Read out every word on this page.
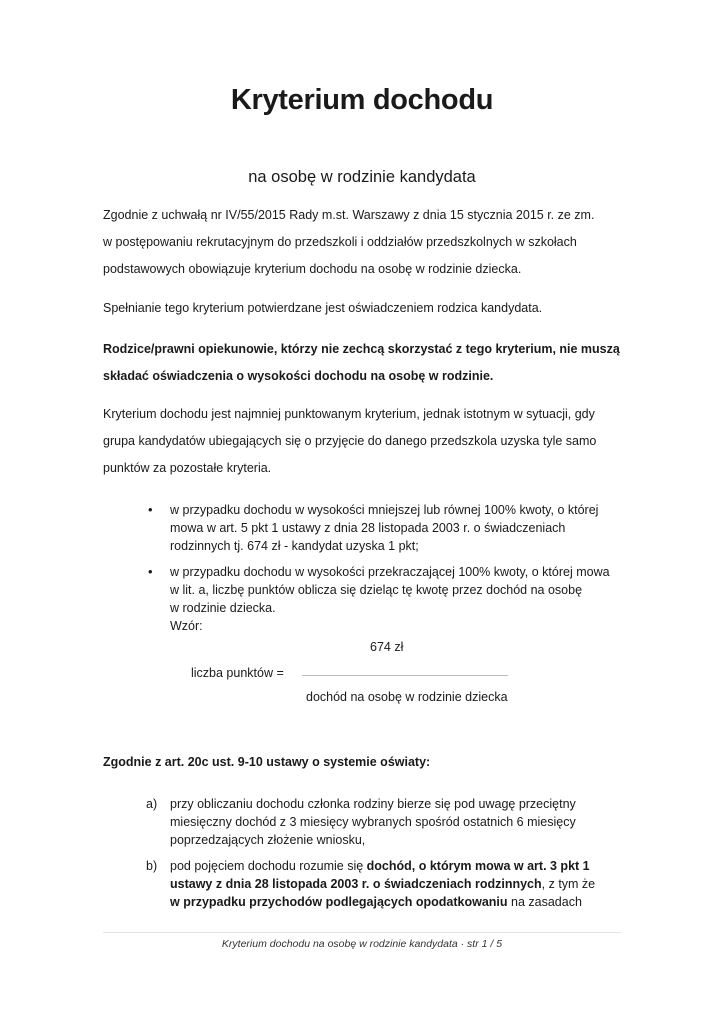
Kryterium dochodu
na osobę w rodzinie kandydata

Zgodnie z uchwałą nr IV/55/2015 Rady m.st. Warszawy z dnia 15 stycznia 2015 r. ze zm.
w postępowaniu rekrutacyjnym do przedszkoli i oddziałów przedszkolnych w szkołach
podstawowych obowiązuje kryterium dochodu na osobę w rodzinie dziecka.

Spełnianie tego kryterium potwierdzane jest oświadczeniem rodzica kandydata.

Rodzice/prawni opiekunowie, którzy nie zechcą skorzystać z tego kryterium, nie muszą
składać oświadczenia o wysokości dochodu na osobę w rodzinie.

Kryterium dochodu jest najmniej punktowanym kryterium, jednak istotnym w sytuacji, gdy
grupa kandydatów ubiegających się o przyjęcie do danego przedszkola uzyska tyle samo
punktów za pozostałe kryteria.

• w przypadku dochodu w wysokości mniejszej lub równej 100% kwoty, o której
mowa w art. 5 pkt 1 ustawy z dnia 28 listopada 2003 r. o świadczeniach
rodzinnych tj. 674 zł - kandydat uzyska 1 pkt;
• w przypadku dochodu w wysokości przekraczającej 100% kwoty, o której mowa
w lit. a, liczbę punktów oblicza się dzieląc tę kwotę przez dochód na osobę
w rodzinie dziecka.
Wzór:
674 zł
liczba punktów =
dochód na osobę w rodzinie dziecka
Zgodnie z art. 20c ust. 9-10 ustawy o systemie oświaty:
a) przy obliczaniu dochodu członka rodziny bierze się pod uwagę przeciętny
miesięczny dochód z 3 miesięcy wybranych spośród ostatnich 6 miesięcy
poprzedzających złożenie wniosku,
b) pod pojęciem dochodu rozumie się dochód, o którym mowa w art. 3 pkt 1
ustawy z dnia 28 listopada 2003 r. o świadczeniach rodzinnych, z tym że
w przypadku przychodów podlegających opodatkowaniu na zasadach
Kryterium dochodu na osobę w rodzinie kandydata · str 1 / 5
